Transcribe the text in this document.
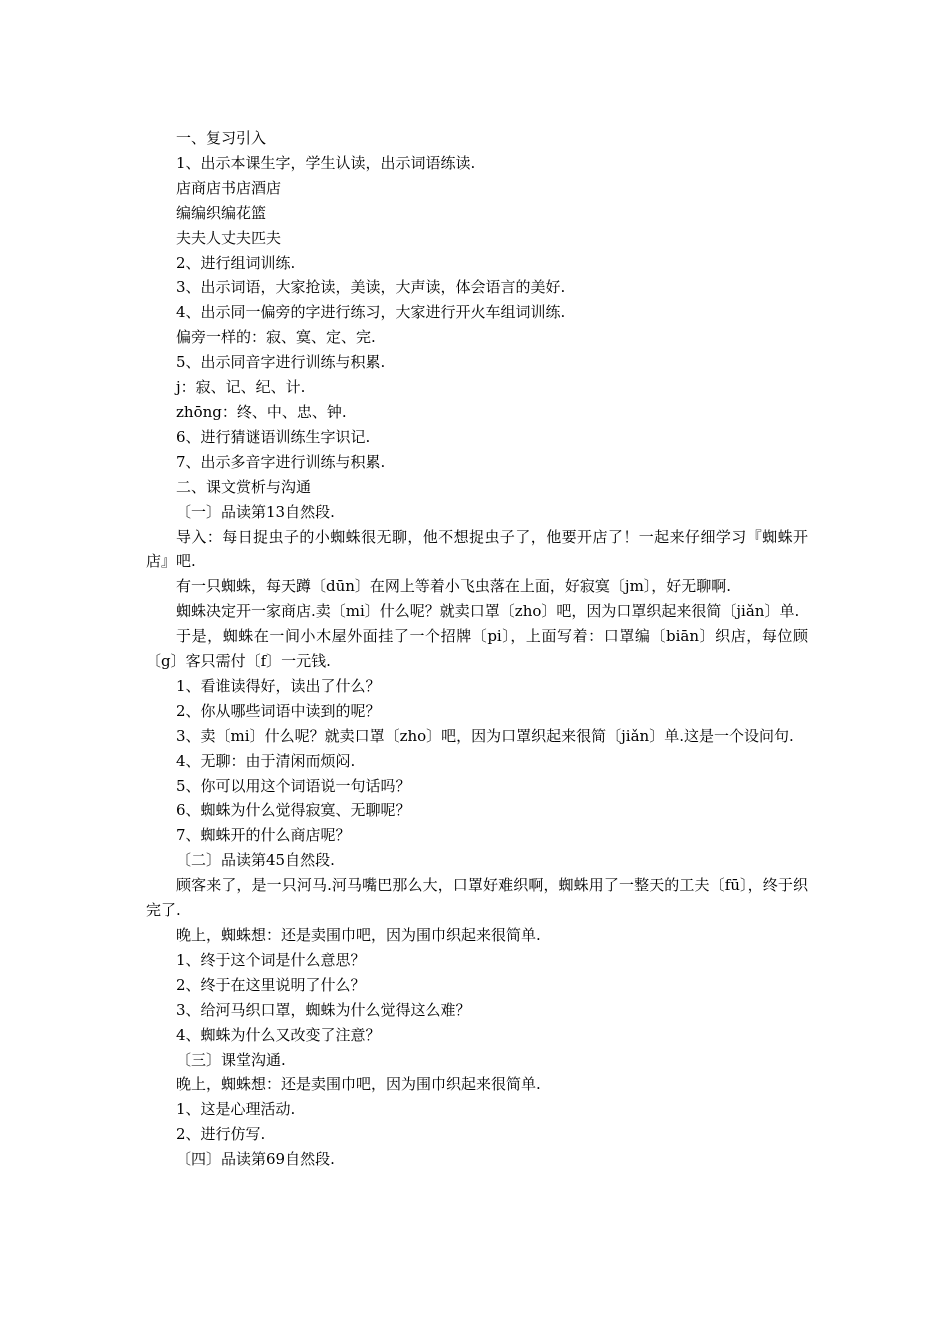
一、复习引入

1、出示本课生字，学生认读，出示词语练读.

店商店书店酒店

编编织编花篮

夫夫人丈夫匹夫

2、进行组词训练.

3、出示词语，大家抢读，美读，大声读，体会语言的美好.

4、出示同一偏旁的字进行练习，大家进行开火车组词训练.

偏旁一样的：寂、寞、定、完.

5、出示同音字进行训练与积累.

j：寂、记、纪、计.

zhōng：终、中、忠、钟.

6、进行猜谜语训练生字识记.

7、出示多音字进行训练与积累.

二、课文赏析与沟通

〔一〕品读第13自然段.

导入：每日捉虫子的小蜘蛛很无聊，他不想捉虫子了，他要开店了！一起来仔细学习『蜘蛛开店』吧.

有一只蜘蛛，每天蹲〔dūn〕在网上等着小飞虫落在上面，好寂寞〔jm〕，好无聊啊.

蜘蛛决定开一家商店.卖〔mi〕什么呢？就卖口罩〔zho〕吧，因为口罩织起来很简〔jiǎn〕单.

于是，蜘蛛在一间小木屋外面挂了一个招牌〔pi〕，上面写着：口罩编〔biān〕织店，每位顾〔g〕客只需付〔f〕一元钱.

1、看谁读得好，读出了什么？

2、你从哪些词语中读到的呢？

3、卖〔mi〕什么呢？就卖口罩〔zho〕吧，因为口罩织起来很简〔jiǎn〕单.这是一个设问句.

4、无聊：由于清闲而烦闷.

5、你可以用这个词语说一句话吗？

6、蜘蛛为什么觉得寂寞、无聊呢？

7、蜘蛛开的什么商店呢？

〔二〕品读第45自然段.

顾客来了，是一只河马.河马嘴巴那么大，口罩好难织啊，蜘蛛用了一整天的工夫〔fū〕，终于织完了.

晚上，蜘蛛想：还是卖围巾吧，因为围巾织起来很简单.

1、终于这个词是什么意思？

2、终于在这里说明了什么？

3、给河马织口罩，蜘蛛为什么觉得这么难？

4、蜘蛛为什么又改变了注意？

〔三〕课堂沟通.

晚上，蜘蛛想：还是卖围巾吧，因为围巾织起来很简单.

1、这是心理活动.

2、进行仿写.

〔四〕品读第69自然段.
